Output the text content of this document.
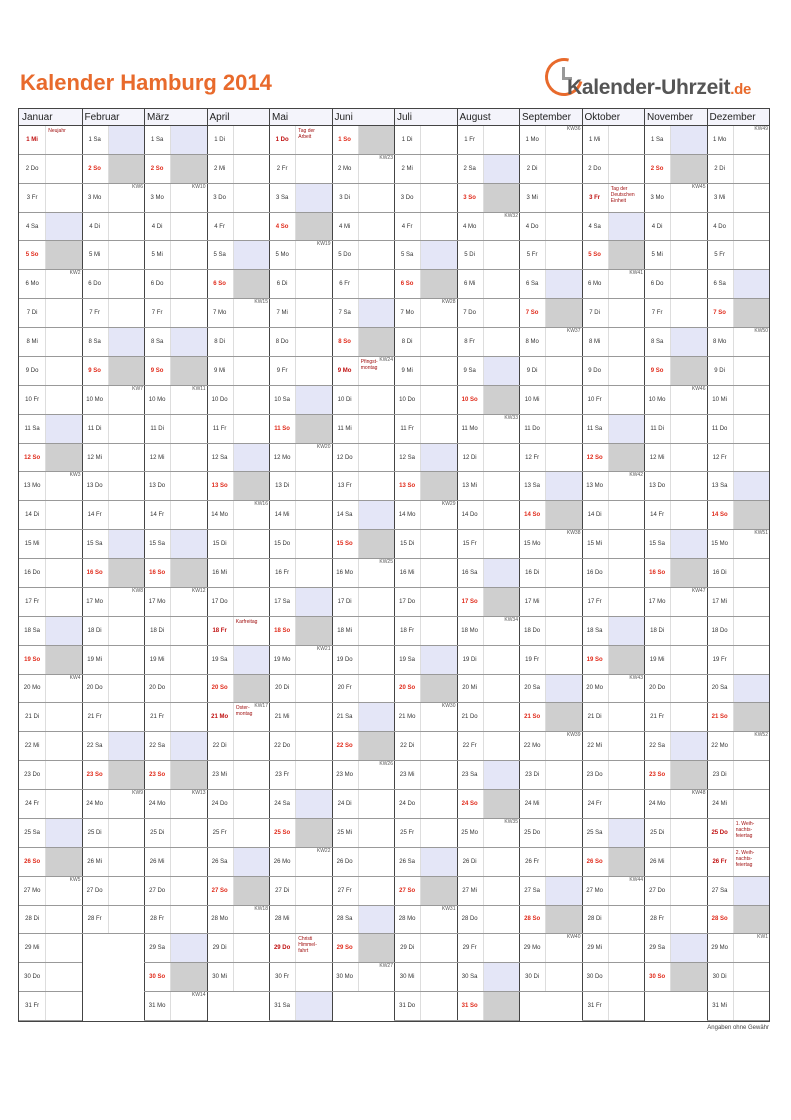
Kalender Hamburg 2014	Kalender-Uhrzeit.de
Januar
1 Mi
Neujahr
2 Do
3 Fr
4 Sa
5 So
6 Mo
KW2
7 Di
8 Mi
9 Do
10 Fr
11 Sa
12 So
13 Mo
KW3
14 Di
15 Mi
16 Do
17 Fr
18 Sa
19 So
20 Mo
KW4
21 Di
22 Mi
23 Do
24 Fr
25 Sa
26 So
27 Mo
KW5
28 Di
29 Mi
30 Do
31 Fr
Februar
1 Sa
2 So
3 Mo
KW6
4 Di
5 Mi
6 Do
7 Fr
8 Sa
9 So
10 Mo
KW7
11 Di
12 Mi
13 Do
14 Fr
15 Sa
16 So
17 Mo
KW8
18 Di
19 Mi
20 Do
21 Fr
22 Sa
23 So
24 Mo
KW9
25 Di
26 Mi
27 Do
28 Fr
März
1 Sa
2 So
3 Mo
KW10
4 Di
5 Mi
6 Do
7 Fr
8 Sa
9 So
10 Mo
KW11
11 Di
12 Mi
13 Do
14 Fr
15 Sa
16 So
17 Mo
KW12
18 Di
19 Mi
20 Do
21 Fr
22 Sa
23 So
24 Mo
KW13
25 Di
26 Mi
27 Do
28 Fr
29 Sa
30 So
31 Mo
KW14
April
1 Di
2 Mi
3 Do
4 Fr
5 Sa
6 So
7 Mo
KW15
8 Di
9 Mi
10 Do
11 Fr
12 Sa
13 So
14 Mo
KW16
15 Di
16 Mi
17 Do
18 Fr
Karfreitag
19 Sa
20 So
21 Mo
Oster-
montag
KW17
22 Di
23 Mi
24 Do
25 Fr
26 Sa
27 So
28 Mo
KW18
29 Di
30 Mi
Mai
1 Do
Tag der
Arbeit
2 Fr
3 Sa
4 So
5 Mo
KW19
6 Di
7 Mi
8 Do
9 Fr
10 Sa
11 So
12 Mo
KW20
13 Di
14 Mi
15 Do
16 Fr
17 Sa
18 So
19 Mo
KW21
20 Di
21 Mi
22 Do
23 Fr
24 Sa
25 So
26 Mo
KW22
27 Di
28 Mi
29 Do
Christi
Himmel-
fahrt
30 Fr
31 Sa
Juni
1 So
2 Mo
KW23
3 Di
4 Mi
5 Do
6 Fr
7 Sa
8 So
9 Mo
Pfingst-
montag
KW24
10 Di
11 Mi
12 Do
13 Fr
14 Sa
15 So
16 Mo
KW25
17 Di
18 Mi
19 Do
20 Fr
21 Sa
22 So
23 Mo
KW26
24 Di
25 Mi
26 Do
27 Fr
28 Sa
29 So
30 Mo
KW27
Juli
1 Di
2 Mi
3 Do
4 Fr
5 Sa
6 So
7 Mo
KW28
8 Di
9 Mi
10 Do
11 Fr
12 Sa
13 So
14 Mo
KW29
15 Di
16 Mi
17 Do
18 Fr
19 Sa
20 So
21 Mo
KW30
22 Di
23 Mi
24 Do
25 Fr
26 Sa
27 So
28 Mo
KW31
29 Di
30 Mi
31 Do
August
1 Fr
2 Sa
3 So
4 Mo
KW32
5 Di
6 Mi
7 Do
8 Fr
9 Sa
10 So
11 Mo
KW33
12 Di
13 Mi
14 Do
15 Fr
16 Sa
17 So
18 Mo
KW34
19 Di
20 Mi
21 Do
22 Fr
23 Sa
24 So
25 Mo
KW35
26 Di
27 Mi
28 Do
29 Fr
30 Sa
31 So
September
1 Mo
KW36
2 Di
3 Mi
4 Do
5 Fr
6 Sa
7 So
8 Mo
KW37
9 Di
10 Mi
11 Do
12 Fr
13 Sa
14 So
15 Mo
KW38
16 Di
17 Mi
18 Do
19 Fr
20 Sa
21 So
22 Mo
KW39
23 Di
24 Mi
25 Do
26 Fr
27 Sa
28 So
29 Mo
KW40
30 Di
Oktober
1 Mi
2 Do
3 Fr
Tag der
Deutschen
Einheit
4 Sa
5 So
6 Mo
KW41
7 Di
8 Mi
9 Do
10 Fr
11 Sa
12 So
13 Mo
KW42
14 Di
15 Mi
16 Do
17 Fr
18 Sa
19 So
20 Mo
KW43
21 Di
22 Mi
23 Do
24 Fr
25 Sa
26 So
27 Mo
KW44
28 Di
29 Mi
30 Do
31 Fr
November
1 Sa
2 So
3 Mo
KW45
4 Di
5 Mi
6 Do
7 Fr
8 Sa
9 So
10 Mo
KW46
11 Di
12 Mi
13 Do
14 Fr
15 Sa
16 So
17 Mo
KW47
18 Di
19 Mi
20 Do
21 Fr
22 Sa
23 So
24 Mo
KW48
25 Di
26 Mi
27 Do
28 Fr
29 Sa
30 So
Dezember
1 Mo
KW49
2 Di
3 Mi
4 Do
5 Fr
6 Sa
7 So
8 Mo
KW50
9 Di
10 Mi
11 Do
12 Fr
13 Sa
14 So
15 Mo
KW51
16 Di
17 Mi
18 Do
19 Fr
20 Sa
21 So
22 Mo
KW52
23 Di
24 Mi
25 Do
1. Weih-
nachts-
feiertag
26 Fr
2. Weih-
nachts-
feiertag
27 Sa
28 So
29 Mo
KW1
30 Di
31 Mi
Angaben ohne Gewähr
